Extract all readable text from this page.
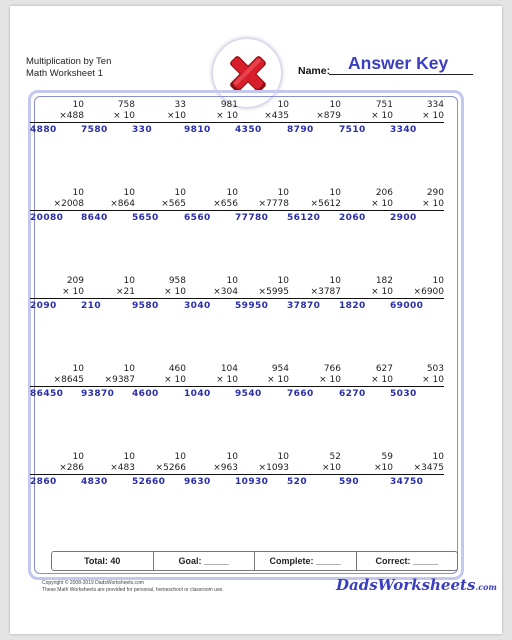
Multiplication by Ten
Math Worksheet 1	Name: Answer Key
10
×488
4880
758
× 10
7580
33
×10
330
981
× 10
9810
10
×435
4350
10
×879
8790
751
× 10
7510
334
× 10
3340
10
×2008
20080
10
×864
8640
10
×565
5650
10
×656
6560
10
×7778
77780
10
×5612
56120
206
× 10
2060
290
× 10
2900
209
× 10
2090
10
×21
210
958
× 10
9580
10
×304
3040
10
×5995
59950
10
×3787
37870
182
× 10
1820
10
×6900
69000
10
×8645
86450
10
×9387
93870
460
× 10
4600
104
× 10
1040
954
× 10
9540
766
× 10
7660
627
× 10
6270
503
× 10
5030
10
×286
2860
10
×483
4830
10
×5266
52660
10
×963
9630
10
×1093
10930
52
×10
520
59
×10
590
10
×3475
34750
Total: 40	Goal: _____	Complete: _____	Correct: _____
Copyright © 2008-2019 DadsWorksheets.com
These Math Worksheets are provided for personal, homeschool or classroom use.	DadsWorksheets.com
